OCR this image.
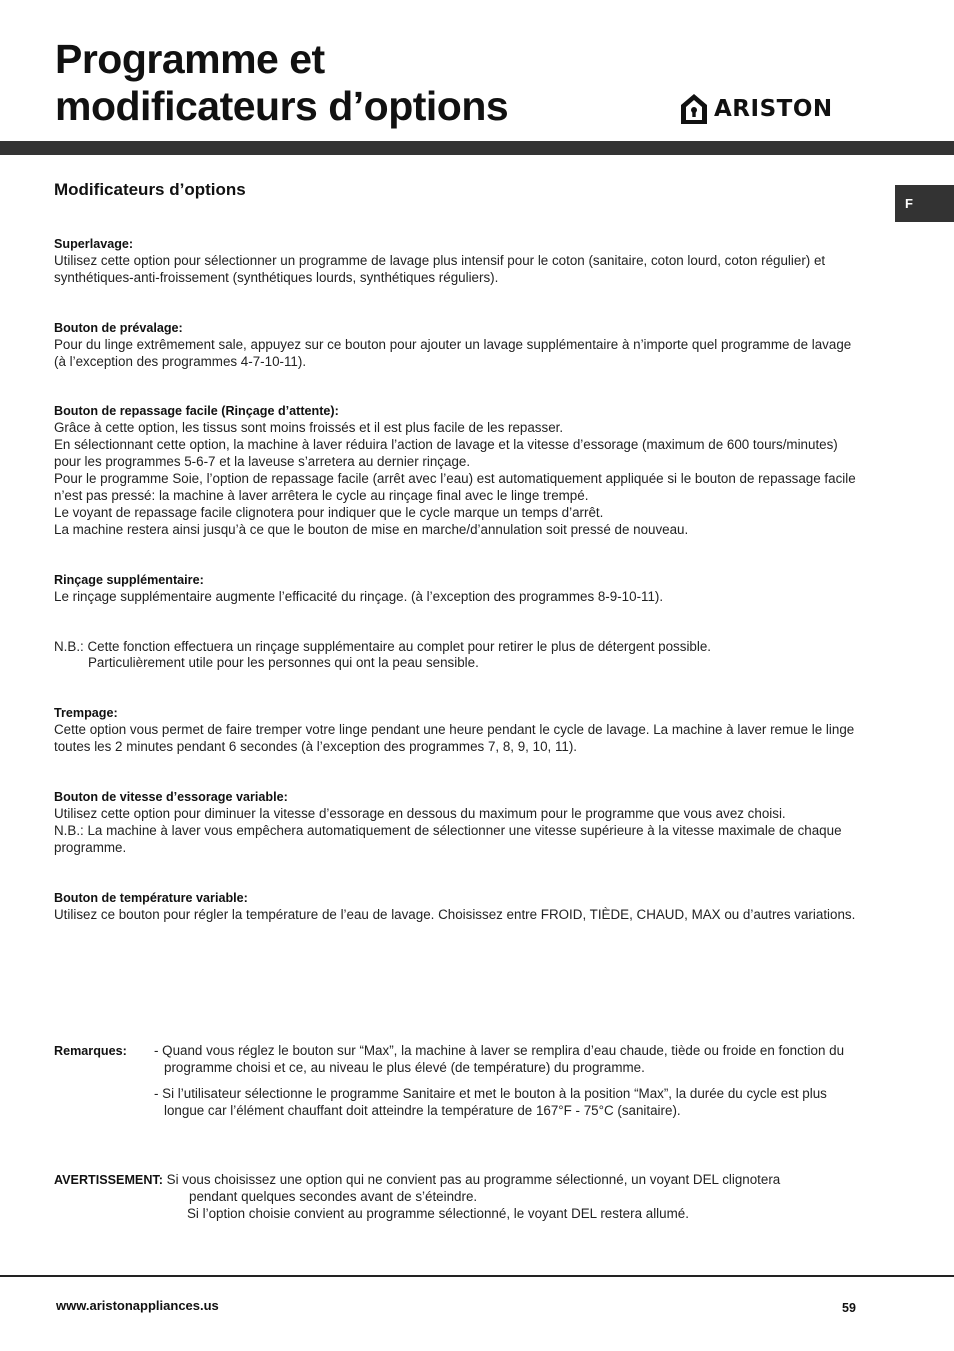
Programme et
modificateurs d’options	ARISTON
F
Modificateurs d’options
Superlavage:

Utilisez cette option pour sélectionner un programme de lavage plus intensif pour le coton (sanitaire, coton lourd, coton régulier) et synthétiques-anti-froissement (synthétiques lourds, synthétiques réguliers).

Bouton de prévalage:

Pour du linge extrêmement sale, appuyez sur ce bouton pour ajouter un lavage supplémentaire à n’importe quel programme de lavage (à l’exception des programmes 4-7-10-11).

Bouton de repassage facile (Rinçage d’attente):

Grâce à cette option, les tissus sont moins froissés et il est plus facile de les repasser.

En sélectionnant cette option, la machine à laver réduira l’action de lavage et la vitesse d’essorage (maximum de 600 tours/minutes) pour les programmes 5-6-7 et la laveuse s’arretera au dernier rinçage.

Pour le programme Soie, l’option de repassage facile (arrêt avec l’eau) est automatiquement appliquée si le bouton de repassage facile n’est pas pressé: la machine à laver arrêtera le cycle au rinçage final avec le linge trempé.

Le voyant de repassage facile clignotera pour indiquer que le cycle marque un temps d’arrêt.

La machine restera ainsi jusqu’à ce que le bouton de mise en marche/d’annulation soit pressé de nouveau.

Rinçage supplémentaire:

Le rinçage supplémentaire augmente l’efficacité du rinçage. (à l’exception des programmes 8-9-10-11).

N.B.: Cette fonction effectuera un rinçage supplémentaire au complet pour retirer le plus de détergent possible.

Particulièrement utile pour les personnes qui ont la peau sensible.

Trempage:

Cette option vous permet de faire tremper votre linge pendant une heure pendant le cycle de lavage. La machine à laver remue le linge toutes les 2 minutes pendant 6 secondes (à l’exception des programmes 7, 8, 9, 10, 11).

Bouton de vitesse d’essorage variable:

Utilisez cette option pour diminuer la vitesse d’essorage en dessous du maximum pour le programme que vous avez choisi.

N.B.: La machine à laver vous empêchera automatiquement de sélectionner une vitesse supérieure à la vitesse maximale de chaque programme.

Bouton de température variable:

Utilisez ce bouton pour régler la température de l’eau de lavage. Choisissez entre FROID, TIÈDE, CHAUD, MAX ou d’autres variations.

Remarques: - Quand vous réglez le bouton sur “Max”, la machine à laver se remplira d’eau chaude, tiède ou froide en fonction du programme choisi et ce, au niveau le plus élevé (de température) du programme.
- Si l’utilisateur sélectionne le programme Sanitaire et met le bouton à la position “Max”, la durée du cycle est plus longue car l’élément chauffant doit atteindre la température de 167°F - 75°C (sanitaire).
AVERTISSEMENT: Si vous choisissez une option qui ne convient pas au programme sélectionné, un voyant DEL clignotera
pendant quelques secondes avant de s’éteindre.
Si l’option choisie convient au programme sélectionné, le voyant DEL restera allumé.
www.aristonappliances.us	59
